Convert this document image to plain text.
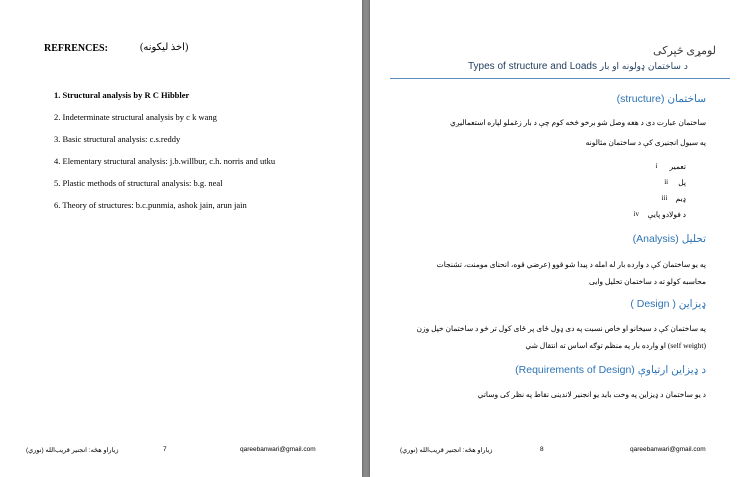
REFRENCES:	(اخذ لیکونه)
1. Structural analysis by R C Hibbler
2. Indeterminate structural analysis by c k wang
3. Basic structural analysis: c.s.reddy
4. Elementary structural analysis: j.b.willbur, c.h. norris and utku
5. Plastic methods of structural analysis: b.g. neal
6. Theory of structures: b.c.punmia, ashok jain, arun jain
زیاراو هڅه: انجنیر قریب‌الله (نوري)	7	qareebanwari@gmail.com
لومړی څپرکی
Types of structure and Loads د ساختمان ډولونه او بار
ساختمان (structure)
ساختمان عبارت دی د هغه وصل شو برخو څخه کوم چې د بار زغملو لپاره استعمالیږي
په سیول انجنیری کې د ساختمان مثالونه
تعمیر
i
پل
ii
ډیم
iii
د فولادو پایې
iv
تحلیل (Analysis)
په یو ساختمان کې د وارده بار له امله د پیدا شو قوو (عرضي قوه، انحنای مومنت، تشنجات
محاسبه کولو ته د ساختمان تحلیل وایی
ډیزاین ( Design )
په ساختمان کې د سیخانو او خاص نسبت په دی ډول ځای پر ځای کول تر څو د ساختمان خپل وزن
(self weight) او وارده بار په منظم توګه اساس ته انتقال شي
د ډیزاین ارتیاوې (Requirements of Design)
د یو ساختمان د ډیزاین په وخت باید یو انجنیر لاندینی نقاط په نظر کی وساتي
زیاراو هڅه: انجنیر قریب‌الله (نوري)	8	qareebanwari@gmail.com
